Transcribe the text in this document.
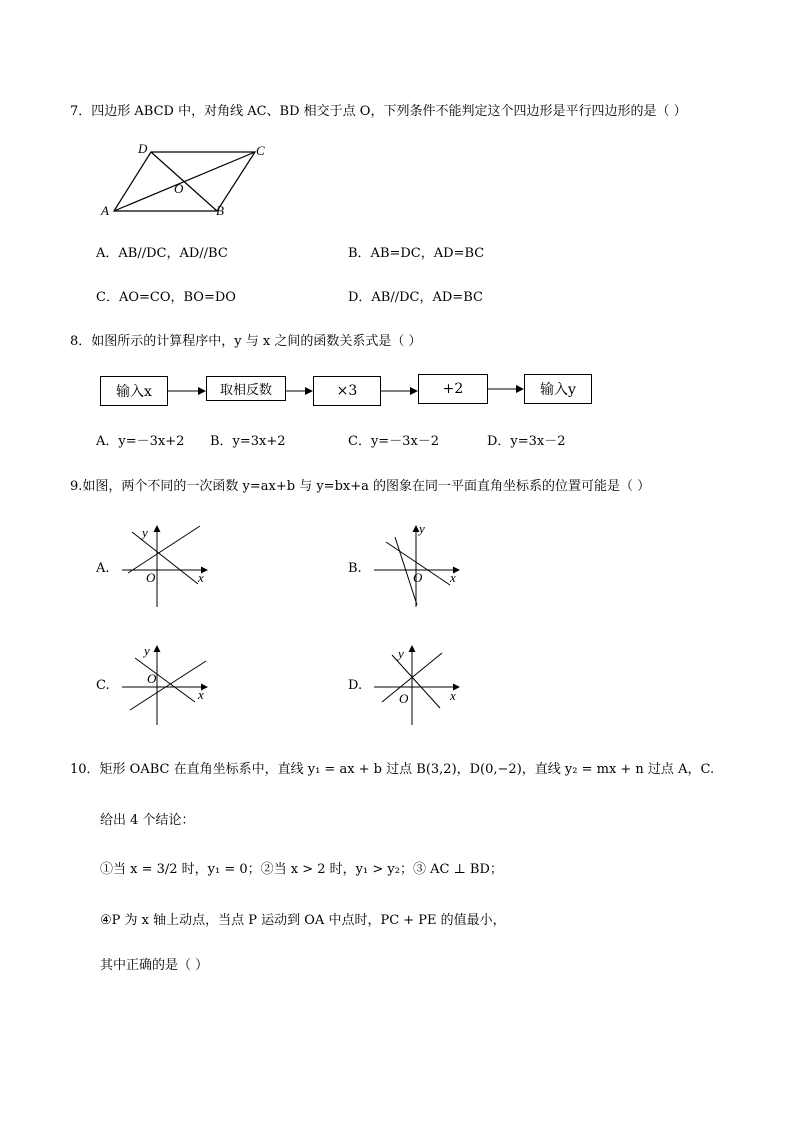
7．四边形 ABCD 中，对角线 AC、BD 相交于点 O，下列条件不能判定这个四边形是平行四边形的是（ ）
D	C
O
A	B
A．AB//DC，AD//BC	B．AB=DC，AD=BC
C．AO=CO，BO=DO	D．AB//DC，AD=BC
8．如图所示的计算程序中，y 与 x 之间的函数关系式是（ ）
输入x	取相反数	×3	+2	输入y
A．y=－3x+2 B．y=3x+2	C．y=－3x－2	D．y=3x－2
9.如图，两个不同的一次函数 y=ax+b 与 y=bx+a 的图象在同一平面直角坐标系的位置可能是（ ）
A.	B.
C.	D.
y
O	x
y
O x
y
O
x
y
O	x
10．矩形 OABC 在直角坐标系中，直线 y₁ = ax + b 过点 B(3,2)，D(0,−2)，直线 y₂ = mx + n 过点 A，C.
给出 4 个结论：
①当 x = 3/2 时，y₁ = 0；②当 x > 2 时，y₁ > y₂；③ AC ⊥ BD；
④P 为 x 轴上动点，当点 P 运动到 OA 中点时，PC + PE 的值最小，
其中正确的是（ ）
